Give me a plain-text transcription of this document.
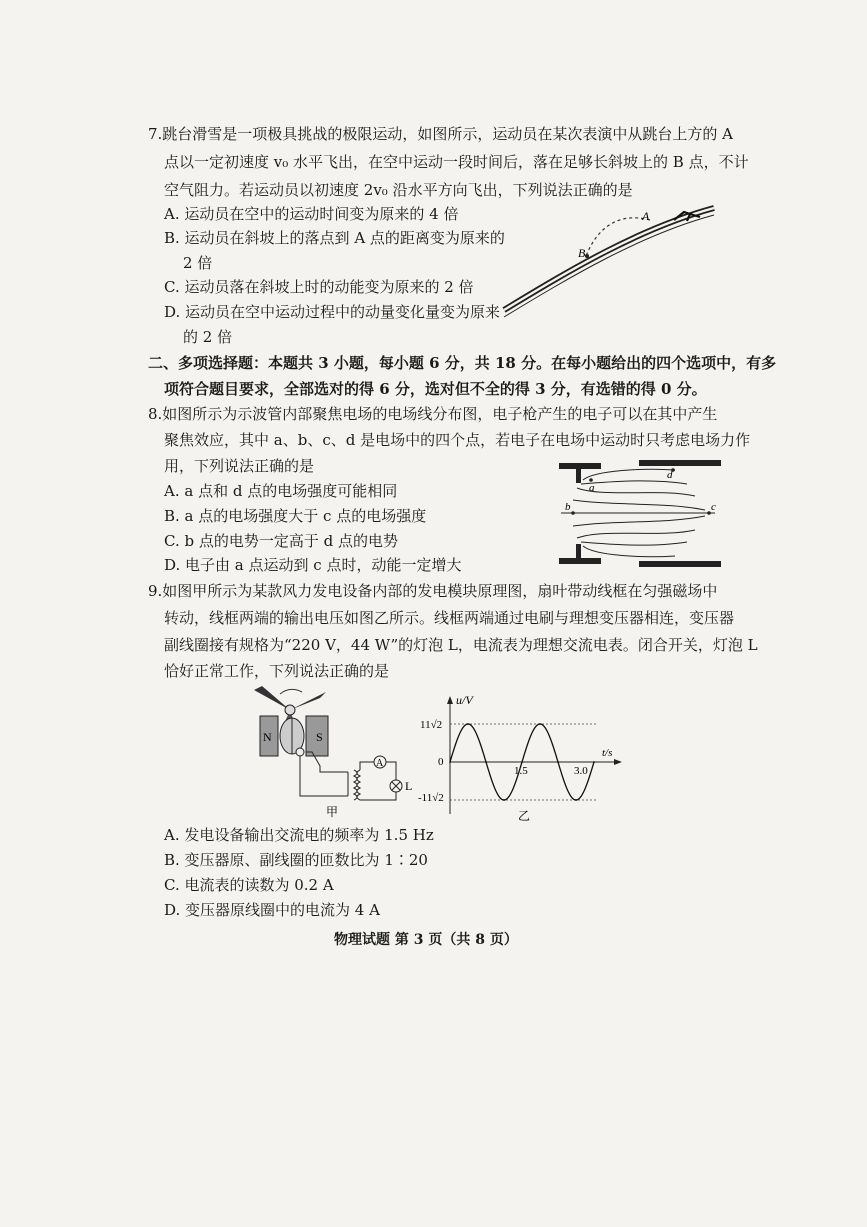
7.跳台滑雪是一项极具挑战的极限运动，如图所示，运动员在某次表演中从跳台上方的 A
点以一定初速度 v₀ 水平飞出，在空中运动一段时间后，落在足够长斜坡上的 B 点，不计
空气阻力。若运动员以初速度 2v₀ 沿水平方向飞出，下列说法正确的是
A. 运动员在空中的运动时间变为原来的 4 倍
B. 运动员在斜坡上的落点到 A 点的距离变为原来的
2 倍
C. 运动员落在斜坡上时的动能变为原来的 2 倍
D. 运动员在空中运动过程中的动量变化量变为原来
的 2 倍
A
B
二、多项选择题：本题共 3 小题，每小题 6 分，共 18 分。在每小题给出的四个选项中，有多
项符合题目要求，全部选对的得 6 分，选对但不全的得 3 分，有选错的得 0 分。
8.如图所示为示波管内部聚焦电场的电场线分布图，电子枪产生的电子可以在其中产生
聚焦效应，其中 a、b、c、d 是电场中的四个点，若电子在电场中运动时只考虑电场力作
用，下列说法正确的是
A. a 点和 d 点的电场强度可能相同
B. a 点的电场强度大于 c 点的电场强度
C. b 点的电势一定高于 d 点的电势
D. 电子由 a 点运动到 c 点时，动能一定增大
a
b	c
d
9.如图甲所示为某款风力发电设备内部的发电模块原理图，扇叶带动线框在匀强磁场中
转动，线框两端的输出电压如图乙所示。线框两端通过电刷与理想变压器相连，变压器
副线圈接有规格为“220 V，44 W”的灯泡 L，电流表为理想交流电表。闭合开关，灯泡 L
恰好正常工作，下列说法正确的是
N	S
A
L
甲
u/V
t/s
0
11√2
-11√2
1.5	3.0
乙
A. 发电设备输出交流电的频率为 1.5 Hz
B. 变压器原、副线圈的匝数比为 1∶20
C. 电流表的读数为 0.2 A
D. 变压器原线圈中的电流为 4 A
物理试题 第 3 页（共 8 页）
